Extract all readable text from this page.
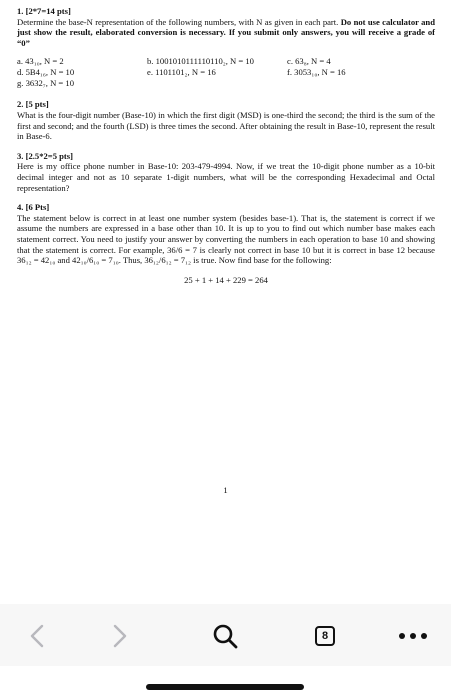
1. [2*7=14 pts]
Determine the base-N representation of the following numbers, with N as given in each part. Do not use calculator and just show the result, elaborated conversion is necessary. If you submit only answers, you will receive a grade of “0”
a. 43₁₀, N = 2	b. 1001010111110110₂, N = 10	c. 63₈, N = 4
d. 5B4₁₆, N = 10	e. 1101101₂, N = 16	f. 3053₁₀, N = 16
g. 3632₇, N = 10
2. [5 pts]
What is the four-digit number (Base-10) in which the first digit (MSD) is one-third the second; the third is the sum of the first and second; and the fourth (LSD) is three times the second. After obtaining the result in Base-10, represent the result in Base-6.
3. [2.5*2=5 pts]
Here is my office phone number in Base-10: 203-479-4994. Now, if we treat the 10-digit phone number as a 10-bit decimal integer and not as 10 separate 1-digit numbers, what will be the corresponding Hexadecimal and Octal representation?
4. [6 Pts]
The statement below is correct in at least one number system (besides base-1). That is, the statement is correct if we assume the numbers are expressed in a base other than 10. It is up to you to find out which number base makes each statement correct. You need to justify your answer by converting the numbers in each operation to base 10 and showing that the statement is correct. For example, 36/6 = 7 is clearly not correct in base 10 but it is correct in base 12 because 36₁₂ = 42₁₀ and 42₁₀/6₁₀ = 7₁₀. Thus, 36₁₂/6₁₂ = 7₁₂ is true. Now find base for the following:
25 + 1 + 14 + 229 = 264
1
8
